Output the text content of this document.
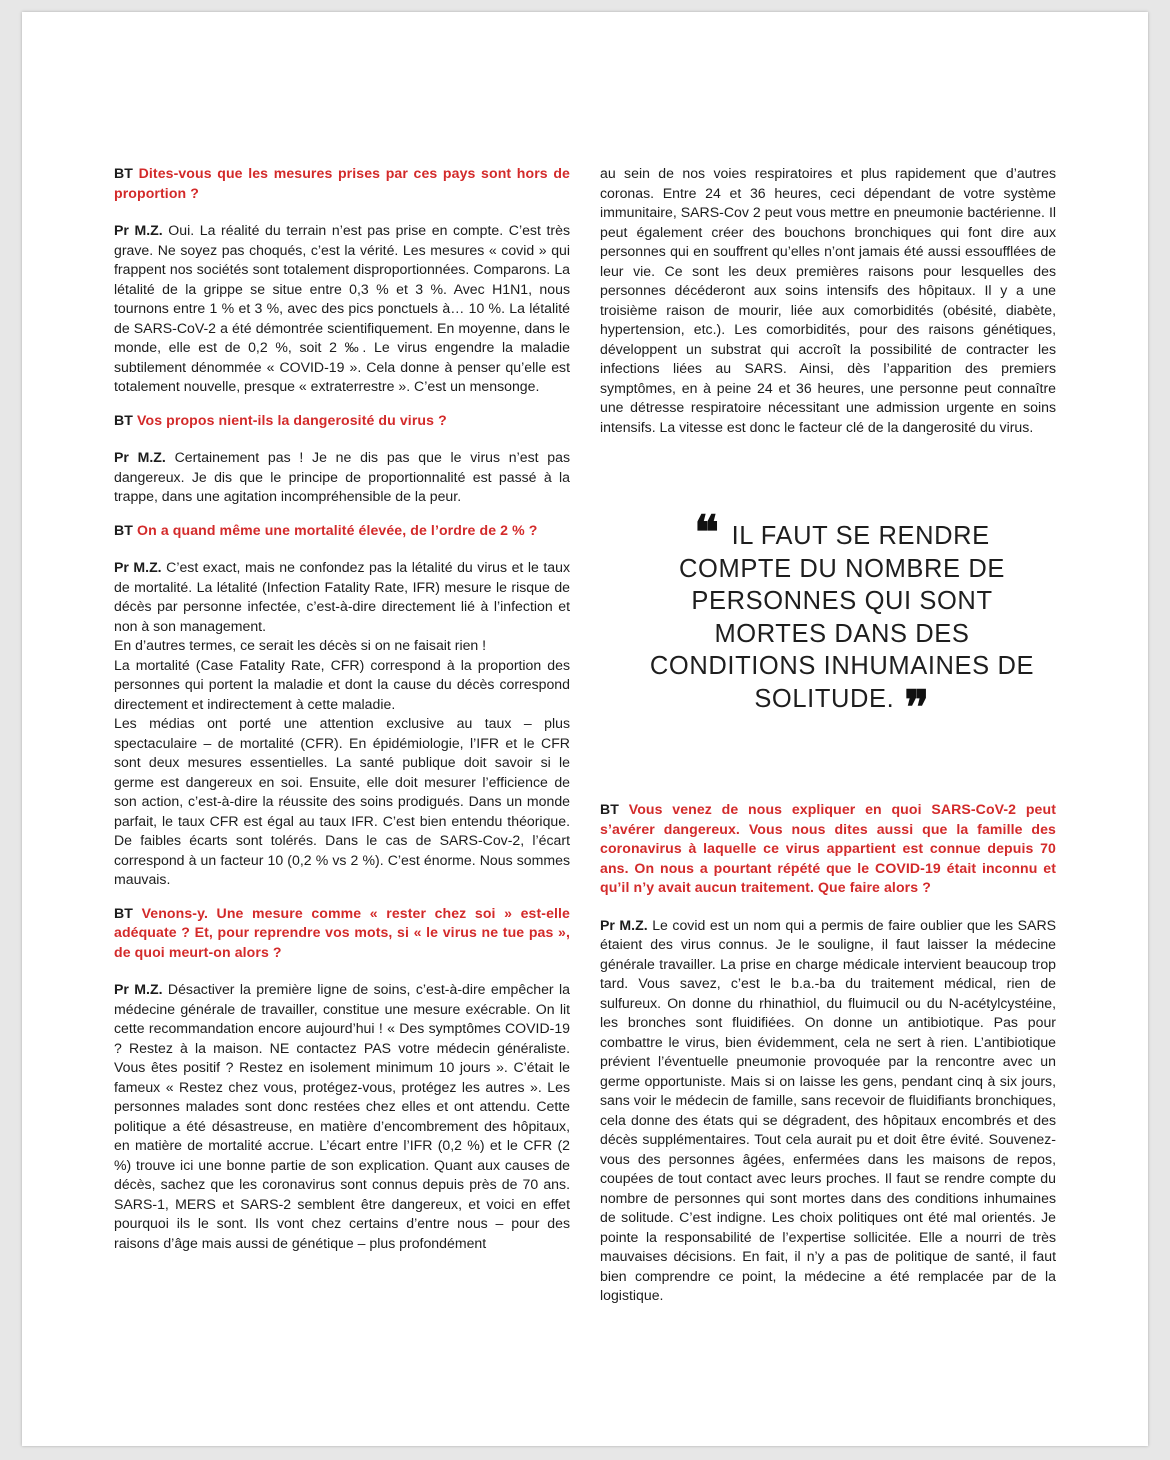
BT Dites-vous que les mesures prises par ces pays sont hors de proportion ?
Pr M.Z. Oui. La réalité du terrain n’est pas prise en compte. C’est très grave. Ne soyez pas choqués, c’est la vérité. Les mesures « covid » qui frappent nos sociétés sont totalement disproportionnées. Comparons. La létalité de la grippe se situe entre 0,3 % et 3 %. Avec H1N1, nous tournons entre 1 % et 3 %, avec des pics ponctuels à… 10 %. La létalité de SARS-CoV-2 a été démontrée scientifiquement. En moyenne, dans le monde, elle est de 0,2 %, soit 2 ‰. Le virus engendre la maladie subtilement dénommée « COVID-19 ». Cela donne à penser qu’elle est totalement nouvelle, presque « extraterrestre ». C’est un mensonge.
BT Vos propos nient-ils la dangerosité du virus ?
Pr M.Z. Certainement pas ! Je ne dis pas que le virus n’est pas dangereux. Je dis que le principe de proportionnalité est passé à la trappe, dans une agitation incompréhensible de la peur.
BT On a quand même une mortalité élevée, de l’ordre de 2 % ?

Pr M.Z. C’est exact, mais ne confondez pas la létalité du virus et le taux de mortalité. La létalité (Infection Fatality Rate, IFR) mesure le risque de décès par personne infectée, c’est-à-dire directement lié à l’infection et non à son management.

En d’autres termes, ce serait les décès si on ne faisait rien !

La mortalité (Case Fatality Rate, CFR) correspond à la proportion des personnes qui portent la maladie et dont la cause du décès correspond directement et indirectement à cette maladie.

Les médias ont porté une attention exclusive au taux – plus spectaculaire – de mortalité (CFR). En épidémiologie, l’IFR et le CFR sont deux mesures essentielles. La santé publique doit savoir si le germe est dangereux en soi. Ensuite, elle doit mesurer l’efficience de son action, c’est-à-dire la réussite des soins prodigués. Dans un monde parfait, le taux CFR est égal au taux IFR. C’est bien entendu théorique. De faibles écarts sont tolérés. Dans le cas de SARS-Cov-2, l’écart correspond à un facteur 10 (0,2 % vs 2 %). C’est énorme. Nous sommes mauvais.

BT Venons-y. Une mesure comme « rester chez soi » est-elle adéquate ? Et, pour reprendre vos mots, si « le virus ne tue pas », de quoi meurt-on alors ?
Pr M.Z. Désactiver la première ligne de soins, c’est-à-dire empêcher la médecine générale de travailler, constitue une mesure exécrable. On lit cette recommandation encore aujourd’hui ! « Des symptômes COVID-19 ? Restez à la maison. NE contactez PAS votre médecin généraliste. Vous êtes positif ? Restez en isolement minimum 10 jours ». C’était le fameux « Restez chez vous, protégez-vous, protégez les autres ». Les personnes malades sont donc restées chez elles et ont attendu. Cette politique a été désastreuse, en matière d’encombrement des hôpitaux, en matière de mortalité accrue. L’écart entre l’IFR (0,2 %) et le CFR (2 %) trouve ici une bonne partie de son explication. Quant aux causes de décès, sachez que les coronavirus sont connus depuis près de 70 ans. SARS-1, MERS et SARS-2 semblent être dangereux, et voici en effet pourquoi ils le sont. Ils vont chez certains d’entre nous – pour des raisons d’âge mais aussi de génétique – plus profondément
au sein de nos voies respiratoires et plus rapidement que d’autres coronas. Entre 24 et 36 heures, ceci dépendant de votre système immunitaire, SARS-Cov 2 peut vous mettre en pneumonie bactérienne. Il peut également créer des bouchons bronchiques qui font dire aux personnes qui en souffrent qu’elles n’ont jamais été aussi essoufflées de leur vie. Ce sont les deux premières raisons pour lesquelles des personnes décéderont aux soins intensifs des hôpitaux. Il y a une troisième raison de mourir, liée aux comorbidités (obésité, diabète, hypertension, etc.). Les comorbidités, pour des raisons génétiques, développent un substrat qui accroît la possibilité de contracter les infections liées au SARS. Ainsi, dès l’apparition des premiers symptômes, en à peine 24 et 36 heures, une personne peut connaître une détresse respiratoire nécessitant une admission urgente en soins intensifs. La vitesse est donc le facteur clé de la dangerosité du virus.
BT Vous venez de nous expliquer en quoi SARS-CoV-2 peut s’avérer dangereux. Vous nous dites aussi que la famille des coronavirus à laquelle ce virus appartient est connue depuis 70 ans. On nous a pourtant répété que le COVID-19 était inconnu et qu’il n’y avait aucun traitement. Que faire alors ?
Pr M.Z. Le covid est un nom qui a permis de faire oublier que les SARS étaient des virus connus. Je le souligne, il faut laisser la médecine générale travailler. La prise en charge médicale intervient beaucoup trop tard. Vous savez, c’est le b.a.-ba du traitement médical, rien de sulfureux. On donne du rhinathiol, du fluimucil ou du N-acétylcystéine, les bronches sont fluidifiées. On donne un antibiotique. Pas pour combattre le virus, bien évidemment, cela ne sert à rien. L’antibiotique prévient l’éventuelle pneumonie provoquée par la rencontre avec un germe opportuniste. Mais si on laisse les gens, pendant cinq à six jours, sans voir le médecin de famille, sans recevoir de fluidifiants bronchiques, cela donne des états qui se dégradent, des hôpitaux encombrés et des décès supplémentaires. Tout cela aurait pu et doit être évité. Souvenez-vous des personnes âgées, enfermées dans les maisons de repos, coupées de tout contact avec leurs proches. Il faut se rendre compte du nombre de personnes qui sont mortes dans des conditions inhumaines de solitude. C’est indigne. Les choix politiques ont été mal orientés. Je pointe la responsabilité de l’expertise sollicitée. Elle a nourri de très mauvaises décisions. En fait, il n’y a pas de politique de santé, il faut bien comprendre ce point, la médecine a été remplacée par de la logistique.
❝ IL FAUT SE RENDRE COMPTE DU NOMBRE DE PERSONNES QUI SONT MORTES DANS DES CONDITIONS INHUMAINES DE SOLITUDE. ❞
